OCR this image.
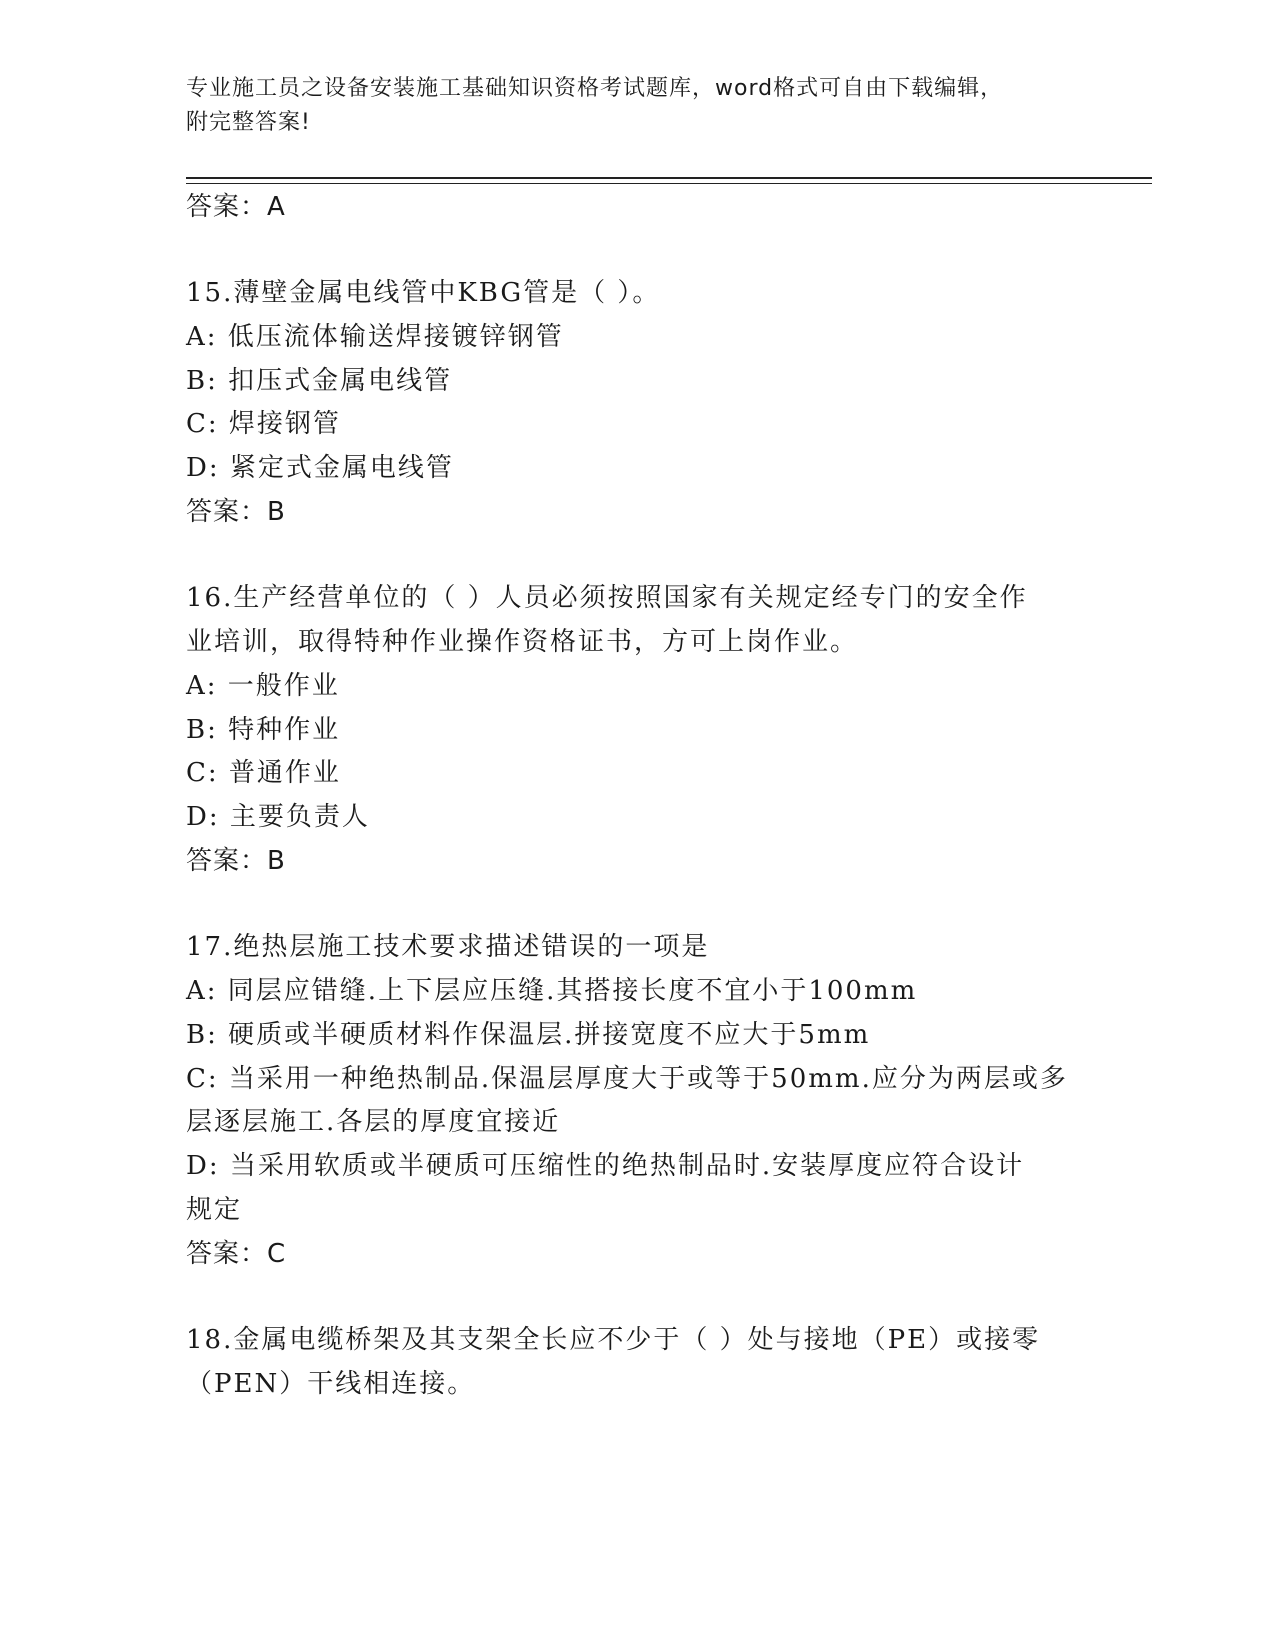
专业施工员之设备安装施工基础知识资格考试题库，word格式可自由下载编辑，
附完整答案!
答案：A
15.薄壁金属电线管中KBG管是（ ）。
A: 低压流体输送焊接镀锌钢管
B: 扣压式金属电线管
C: 焊接钢管
D: 紧定式金属电线管
答案：B
16.生产经营单位的（ ）人员必须按照国家有关规定经专门的安全作
业培训，取得特种作业操作资格证书，方可上岗作业。
A: 一般作业
B: 特种作业
C: 普通作业
D: 主要负责人
答案：B
17.绝热层施工技术要求描述错误的一项是
A: 同层应错缝.上下层应压缝.其搭接长度不宜小于100mm
B: 硬质或半硬质材料作保温层.拼接宽度不应大于5mm
C: 当采用一种绝热制品.保温层厚度大于或等于50mm.应分为两层或多
层逐层施工.各层的厚度宜接近
D: 当采用软质或半硬质可压缩性的绝热制品时.安装厚度应符合设计
规定
答案：C
18.金属电缆桥架及其支架全长应不少于（ ）处与接地（PE）或接零
（PEN）干线相连接。
